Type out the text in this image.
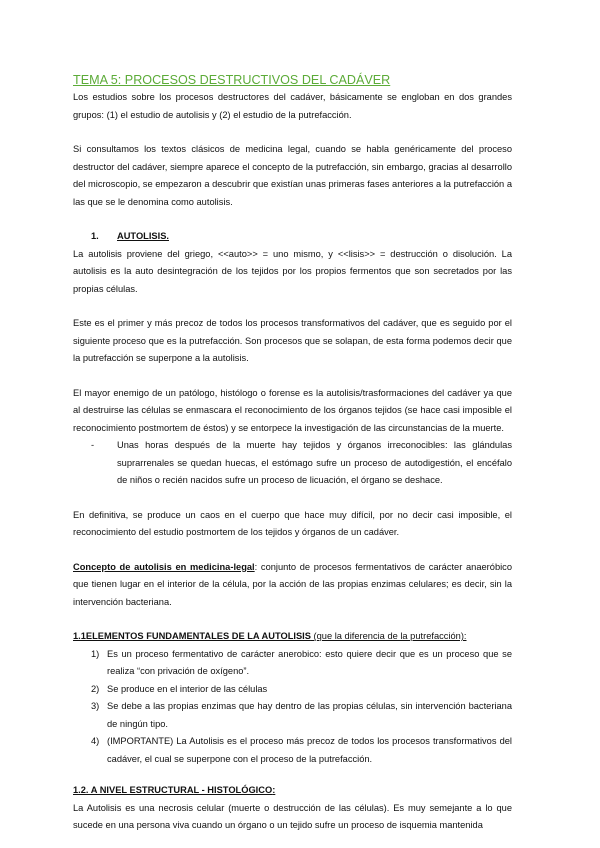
TEMA 5: PROCESOS DESTRUCTIVOS DEL CADÁVER

Los estudios sobre los procesos destructores del cadáver, básicamente se engloban en dos grandes grupos: (1) el estudio de autolisis y (2) el estudio de la putrefacción.

Si consultamos los textos clásicos de medicina legal, cuando se habla genéricamente del proceso destructor del cadáver, siempre aparece el concepto de la putrefacción, sin embargo, gracias al desarrollo del microscopio, se empezaron a descubrir que existían unas primeras fases anteriores a la putrefacción a las que se le denomina como autolisis.

1. AUTOLISIS.

La autolisis proviene del griego, <<auto>> = uno mismo, y <<lisis>> = destrucción o disolución. La autolisis es la auto desintegración de los tejidos por los propios fermentos que son secretados por las propias células.

Este es el primer y más precoz de todos los procesos transformativos del cadáver, que es seguido por el siguiente proceso que es la putrefacción. Son procesos que se solapan, de esta forma podemos decir que la putrefacción se superpone a la autolisis.

El mayor enemigo de un patólogo, histólogo o forense es la autolisis/trasformaciones del cadáver ya que al destruirse las células se enmascara el reconocimiento de los órganos tejidos (se hace casi imposible el reconocimiento postmortem de éstos) y se entorpece la investigación de las circunstancias de la muerte.

-	Unas horas después de la muerte hay tejidos y órganos irreconocibles: las glándulas suprarrenales se quedan huecas, el estómago sufre un proceso de autodigestión, el encéfalo de niños o recién nacidos sufre un proceso de licuación, el órgano se deshace.

En definitiva, se produce un caos en el cuerpo que hace muy difícil, por no decir casi imposible, el reconocimiento del estudio postmortem de los tejidos y órganos de un cadáver.

Concepto de autolisis en medicina-legal: conjunto de procesos fermentativos de carácter anaeróbico que tienen lugar en el interior de la célula, por la acción de las propias enzimas celulares; es decir, sin la intervención bacteriana.

1.1ELEMENTOS FUNDAMENTALES DE LA AUTOLISIS (que la diferencia de la putrefacción):
1) Es un proceso fermentativo de carácter anerobico: esto quiere decir que es un proceso que se realiza “con privación de oxígeno”.

2) Se produce en el interior de las células

3) Se debe a las propias enzimas que hay dentro de las propias células, sin intervención bacteriana de ningún tipo.

4) (IMPORTANTE) La Autolisis es el proceso más precoz de todos los procesos transformativos del cadáver, el cual se superpone con el proceso de la putrefacción.

1.2. A NIVEL ESTRUCTURAL - HISTOLÓGICO:

La Autolisis es una necrosis celular (muerte o destrucción de las células). Es muy semejante a lo que sucede en una persona viva cuando un órgano o un tejido sufre un proceso de isquemia mantenida
